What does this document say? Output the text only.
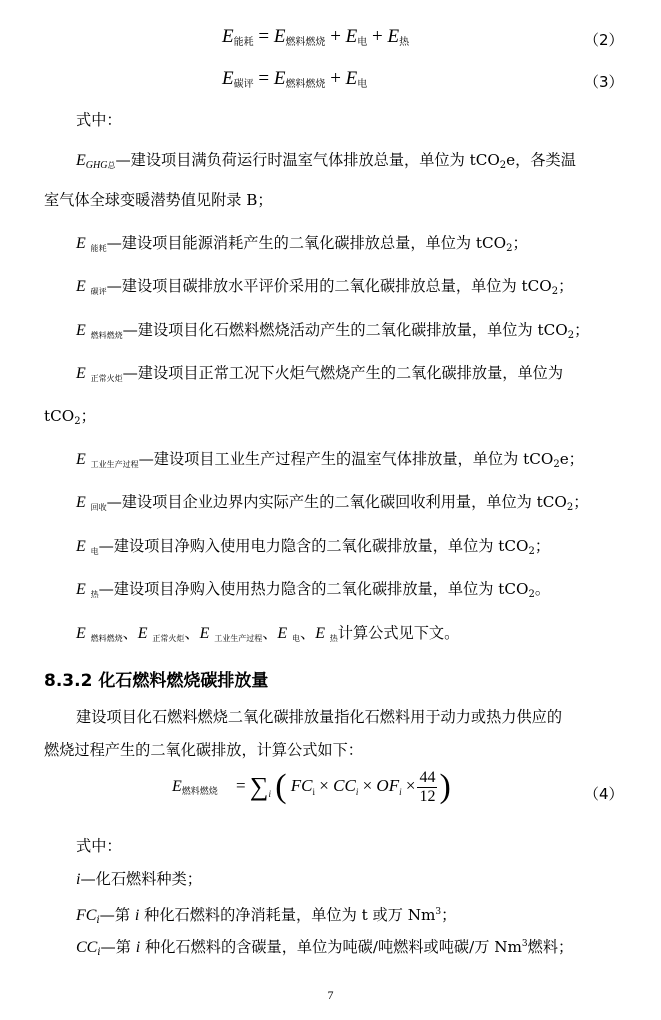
$E_{能耗} = E_{燃料燃烧} + E_电 + E_热$	（2）
$E_{碳评} = E_{燃料燃烧} + E_电$	（3）
式中：
EGHG总—建设项目满负荷运行时温室气体排放总量，单位为 tCO$_2$e，各类温
室气体全球变暖潜势值见附录 B；
E 能耗—建设项目能源消耗产生的二氧化碳排放总量，单位为 tCO$_2$；
E 碳评—建设项目碳排放水平评价采用的二氧化碳排放总量，单位为 tCO$_2$；
E 燃料燃烧—建设项目化石燃料燃烧活动产生的二氧化碳排放量，单位为 tCO$_2$；
E 正常火炬—建设项目正常工况下火炬气燃烧产生的二氧化碳排放量，单位为
tCO$_2$；
E 工业生产过程—建设项目工业生产过程产生的温室气体排放量，单位为 tCO$_2$e；
E 回收—建设项目企业边界内实际产生的二氧化碳回收利用量，单位为 tCO$_2$；
E 电—建设项目净购入使用电力隐含的二氧化碳排放量，单位为 tCO$_2$；
E 热—建设项目净购入使用热力隐含的二氧化碳排放量，单位为 tCO$_2$。
E 燃料燃烧、E 正常火炬、E 工业生产过程、E 电、E 热计算公式见下文。
8.3.2 化石燃料燃烧碳排放量
建设项目化石燃料燃烧二氧化碳排放量指化石燃料用于动力或热力供应的
燃烧过程产生的二氧化碳排放，计算公式如下：
E燃料燃烧 = $\sum_i$ ( $FC_i \times CC_i \times OF_i \times \frac{44}{12}$ )	（4）
式中：
i—化石燃料种类；
$FC_i—$第 i 种化石燃料的净消耗量，单位为 t 或万 Nm$^3$；
$CC_i—$第 i 种化石燃料的含碳量，单位为吨碳/吨燃料或吨碳/万 Nm$^3$燃料；
7
